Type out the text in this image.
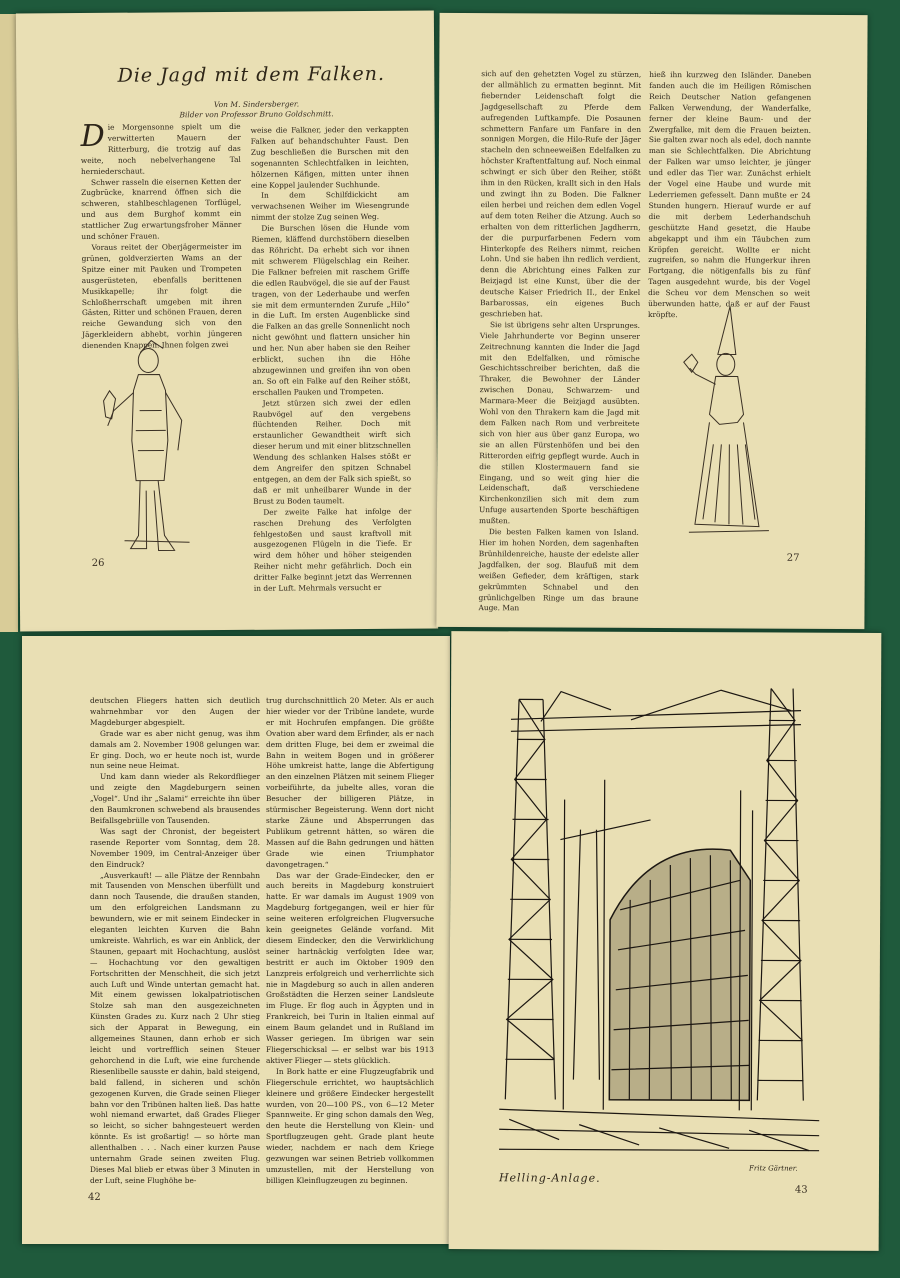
Die Jagd mit dem Falken.
Von M. Sindersberger.
Bilder von Professor Bruno Goldschmitt.
D ie Morgensonne spielt um die verwitterten Mauern der Ritterburg, die trotzig auf das weite, noch nebelverhangene Tal herniederschaut.

Schwer rasseln die eisernen Ketten der Zugbrücke, knarrend öffnen sich die schweren, stahlbeschlagenen Torflügel, und aus dem Burghof kommt ein stattlicher Zug erwartungsfroher Männer und schöner Frauen.

Voraus reitet der Oberjägermeister im grünen, goldverzierten Wams an der Spitze einer mit Pauken und Trompeten ausgerüsteten, ebenfalls berittenen Musikkapelle; ihr folgt die Schloßherrschaft umgeben mit ihren Gästen, Ritter und schönen Frauen, deren reiche Gewandung sich von den Jägerkleidern abhebt, vorhin jüngeren dienenden Knappen. Ihnen folgen zwei

weise die Falkner, jeder den verkappten Falken auf behandschuhter Faust. Den Zug beschließen die Burschen mit den sogenannten Schlechtfalken in leichten, hölzernen Käfigen, mitten unter ihnen eine Koppel jaulender Suchhunde.

In dem Schilfdickicht am verwachsenen Weiher im Wiesengrunde nimmt der stolze Zug seinen Weg.

Die Burschen lösen die Hunde vom Riemen, kläffend durchstöbern dieselben das Röhricht. Da erhebt sich vor ihnen mit schwerem Flügelschlag ein Reiher. Die Falkner befreien mit raschem Griffe die edlen Raubvögel, die sie auf der Faust tragen, von der Lederhaube und werfen sie mit dem ermunternden Zurufe „Hilo“ in die Luft. Im ersten Augenblicke sind die Falken an das grelle Sonnenlicht noch nicht gewöhnt und flattern unsicher hin und her. Nun aber haben sie den Reiher erblickt, suchen ihn die Höhe abzugewinnen und greifen ihn von oben an. So oft ein Falke auf den Reiher stößt, erschallen Pauken und Trompeten.

Jetzt stürzen sich zwei der edlen Raubvögel auf den vergebens flüchtenden Reiher. Doch mit erstaunlicher Gewandtheit wirft sich dieser herum und mit einer blitzschnellen Wendung des schlanken Halses stößt er dem Angreifer den spitzen Schnabel entgegen, an dem der Falk sich spießt, so daß er mit unheilbarer Wunde in der Brust zu Boden taumelt.

Der zweite Falke hat infolge der raschen Drehung des Verfolgten fehlgestoßen und saust kraftvoll mit ausgezogenen Flügeln in die Tiefe. Er wird dem höher und höher steigenden Reiher nicht mehr gefährlich. Doch ein dritter Falke beginnt jetzt das Werrennen in der Luft. Mehrmals versucht er

26

sich auf den gehetzten Vogel zu stürzen, der allmählich zu ermatten beginnt. Mit fiebernder Leidenschaft folgt die Jagdgesellschaft zu Pferde dem aufregenden Luftkampfe. Die Posaunen schmettern Fanfare um Fanfare in den sonnigen Morgen, die Hilo-Rufe der Jäger stacheln den schneeweißen Edelfalken zu höchster Kraftentfaltung auf. Noch einmal schwingt er sich über den Reiher, stößt ihm in den Rücken, krallt sich in den Hals und zwingt ihn zu Boden. Die Falkner eilen herbei und reichen dem edlen Vogel auf dem toten Reiher die Atzung. Auch so erhalten von dem ritterlichen Jagdherrn, der die purpurfarbenen Federn vom Hinterkopfe des Reihers nimmt, reichen Lohn. Und sie haben ihn redlich verdient, denn die Abrichtung eines Falken zur Beizjagd ist eine Kunst, über die der deutsche Kaiser Friedrich II., der Enkel Barbarossas, ein eigenes Buch geschrieben hat.

Sie ist übrigens sehr alten Ursprunges. Viele Jahrhunderte vor Beginn unserer Zeitrechnung kannten die Inder die Jagd mit den Edelfalken, und römische Geschichtsschreiber berichten, daß die Thraker, die Bewohner der Länder zwischen Donau, Schwarzem- und Marmara-Meer die Beizjagd ausübten. Wohl von den Thrakern kam die Jagd mit dem Falken nach Rom und verbreitete sich von hier aus über ganz Europa, wo sie an allen Fürstenhöfen und bei den Ritterorden eifrig gepflegt wurde. Auch in die stillen Klostermauern fand sie Eingang, und so weit ging hier die Leidenschaft, daß verschiedene Kirchenkonzilien sich mit dem zum Unfuge ausartenden Sporte beschäftigen mußten.

Die besten Falken kamen von Island. Hier im hohen Norden, dem sagenhaften Brünhildenreiche, hauste der edelste aller Jagdfalken, der sog. Blaufuß mit dem weißen Gefieder, dem kräftigen, stark gekrümmten Schnabel und den grünlichgelben Ringe um das braune Auge. Man

hieß ihn kurzweg den Isländer. Daneben fanden auch die im Heiligen Römischen Reich Deutscher Nation gefangenen Falken Verwendung, der Wanderfalke, ferner der kleine Baum- und der Zwergfalke, mit dem die Frauen beizten. Sie galten zwar noch als edel, doch nannte man sie Schlechtfalken. Die Abrichtung der Falken war umso leichter, je jünger und edler das Tier war. Zunächst erhielt der Vogel eine Haube und wurde mit Lederriemen gefesselt. Dann mußte er 24 Stunden hungern. Hierauf wurde er auf die mit derbem Lederhandschuh geschützte Hand gesetzt, die Haube abgekappt und ihm ein Täubchen zum Kröpfen gereicht. Wollte er nicht zugreifen, so nahm die Hungerkur ihren Fortgang, die nötigenfalls bis zu fünf Tagen ausgedehnt wurde, bis der Vogel die Scheu vor dem Menschen so weit überwunden hatte, daß er auf der Faust kröpfte.

27

deutschen Fliegers hatten sich deutlich wahrnehmbar vor den Augen der Magdeburger abgespielt.

Grade war es aber nicht genug, was ihm damals am 2. November 1908 gelungen war. Er ging. Doch, wo er heute noch ist, wurde nun seine neue Heimat.

Und kam dann wieder als Rekordflieger und zeigte den Magdeburgern seinen „Vogel“. Und ihr „Salami“ erreichte ihn über den Baumkronen schwebend als brausendes Beifallsgebrülle von Tausenden.

Was sagt der Chronist, der begeistert rasende Reporter vom Sonntag, dem 28. November 1909, im Central-Anzeiger über den Eindruck?

„Ausverkauft! — alle Plätze der Rennbahn mit Tausenden von Menschen überfüllt und dann noch Tausende, die draußen standen, um den erfolgreichen Landsmann zu bewundern, wie er mit seinem Eindecker in eleganten leichten Kurven die Bahn umkreiste. Wahrlich, es war ein Anblick, der Staunen, gepaart mit Hochachtung, auslöst — Hochachtung vor den gewaltigen Fortschritten der Menschheit, die sich jetzt auch Luft und Winde untertan gemacht hat. Mit einem gewissen lokalpatriotischen Stolze sah man den ausgezeichneten Künsten Grades zu. Kurz nach 2 Uhr stieg sich der Apparat in Bewegung, ein allgemeines Staunen, dann erhob er sich leicht und vortrefflich seinen Steuer gehorchend in die Luft, wie eine furchende Riesenlibelle sausste er dahin, bald steigend, bald fallend, in sicheren und schön gezogenen Kurven, die Grade seinen Flieger bahn vor den Tribünen halten ließ. Das hatte wohl niemand erwartet, daß Grades Flieger so leicht, so sicher bahngesteuert werden könnte. Es ist großartig! — so hörte man allenthalben . . . Nach einer kurzen Pause unternahm Grade seinen zweiten Flug. Dieses Mal blieb er etwas über 3 Minuten in der Luft, seine Flughöhe be-

trug durchschnittlich 20 Meter. Als er auch hier wieder vor der Tribüne landete, wurde er mit Hochrufen empfangen. Die größte Ovation aber ward dem Erfinder, als er nach dem dritten Fluge, bei dem er zweimal die Bahn in weitem Bogen und in größerer Höhe umkreist hatte, lange die Abfertigung an den einzelnen Plätzen mit seinem Flieger vorbeiführte, da jubelte alles, voran die Besucher der billigeren Plätze, in stürmischer Begeisterung. Wenn dort nicht starke Zäune und Absperrungen das Publikum getrennt hätten, so wären die Massen auf die Bahn gedrungen und hätten Grade wie einen Triumphator davongetragen.“

Das war der Grade-Eindecker, den er auch bereits in Magdeburg konstruiert hatte. Er war damals im August 1909 von Magdeburg fortgegangen, weil er hier für seine weiteren erfolgreichen Flugversuche kein geeignetes Gelände vorfand. Mit diesem Eindecker, den die Verwirklichung seiner hartnäckig verfolgten Idee war, bestritt er auch im Oktober 1909 den Lanzpreis erfolgreich und verherrlichte sich nie in Magdeburg so auch in allen anderen Großstädten die Herzen seiner Landsleute im Fluge. Er flog auch in Ägypten und in Frankreich, bei Turin in Italien einmal auf einem Baum gelandet und in Rußland im Wasser geriegen. Im übrigen war sein Fliegerschicksal — er selbst war bis 1913 aktiver Flieger — stets glücklich.

In Bork hatte er eine Flugzeugfabrik und Fliegerschule errichtet, wo hauptsächlich kleinere und größere Eindecker hergestellt wurden, von 20—100 PS., von 6—12 Meter Spannweite. Er ging schon damals den Weg, den heute die Herstellung von Klein- und Sportflugzeugen geht. Grade plant heute wieder, nachdem er nach dem Kriege gezwungen war seinen Betrieb vollkommen umzustellen, mit der Herstellung von billigen Kleinflugzeugen zu beginnen.

42
Helling-Anlage.
Fritz Gärtner.
43
